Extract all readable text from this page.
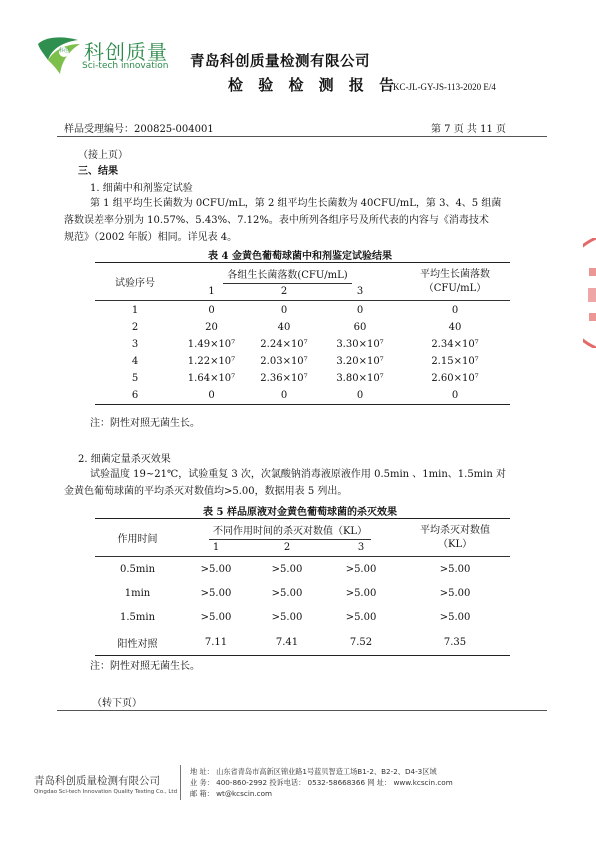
科创 科创质量
Sci-tech innovation 青岛科创质量检测有限公司
检 验 检 测 报 告
KC-JL-GY-JS-113-2020 E/4
样品受理编号：200825-004001	第 7 页 共 11 页
（接上页）
三、结果
1. 细菌中和剂鉴定试验
第 1 组平均生长菌数为 0CFU/mL，第 2 组平均生长菌数为 40CFU/mL，第 3、4、5 组菌
落数误差率分别为 10.57%、5.43%、7.12%。表中所列各组序号及所代表的内容与《消毒技术
规范》（2002 年版）相同。详见表 4。
表 4 金黄色葡萄球菌中和剂鉴定试验结果
试验序号	各组生长菌落数(CFU/mL)			平均生长菌落数
（CFU/mL）

	1	2	3	
1	0	0	0	0
2	20	40	60	40
3	1.49×10⁷	2.24×10⁷	3.30×10⁷	2.34×10⁷
4	1.22×10⁷	2.03×10⁷	3.20×10⁷	2.15×10⁷
5	1.64×10⁷	2.36×10⁷	3.80×10⁷	2.60×10⁷
6	0	0	0	0
注：阴性对照无菌生长。
2. 细菌定量杀灭效果
试验温度 19~21℃，试验重复 3 次，次氯酸钠消毒液原液作用 0.5min 、1min、1.5min 对
金黄色葡萄球菌的平均杀灭对数值均>5.00，数据用表 5 列出。
表 5 样品原液对金黄色葡萄球菌的杀灭效果
作用时间	不同作用时间的杀灭对数值（KL）			平均杀灭对数值
（KL）

	1	2	3	
0.5min	>5.00	>5.00	>5.00	>5.00
1min	>5.00	>5.00	>5.00	>5.00
1.5min	>5.00	>5.00	>5.00	>5.00
阳性对照	7.11	7.41	7.52	7.35
注：阴性对照无菌生长。
（转下页）
青岛科创质量检测有限公司
Qingdao Sci-tech Innovation Quality Testing Co., Ltd
地 址： 山东省青岛市高新区锦业路1号蓝贝智造工场B1-2、B2-2、D4-3区域
业 务： 400-860-2992 投诉电话： 0532-58668366 网 址： www.kcscin.com
邮 箱： wt@kcscin.com
